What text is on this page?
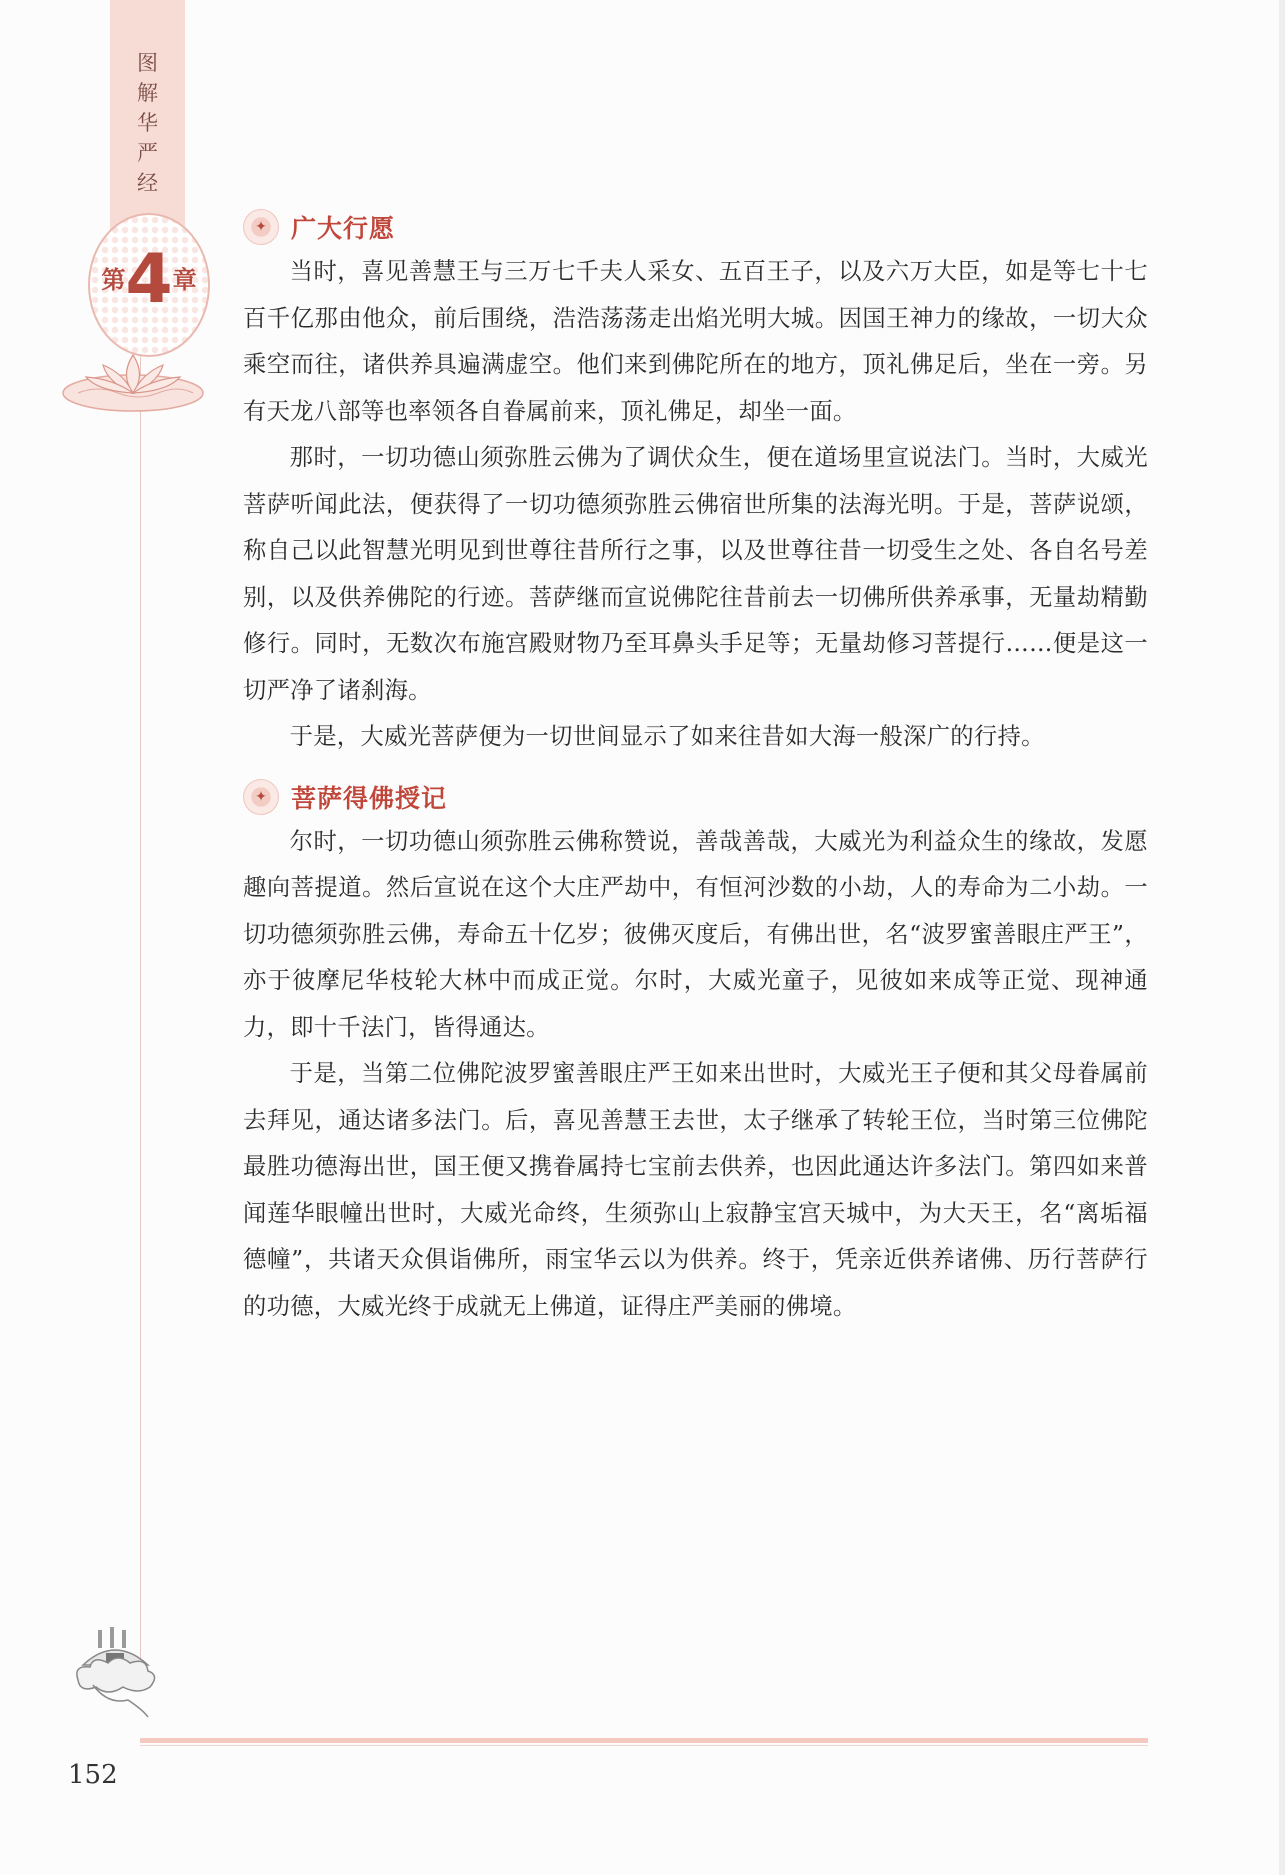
图
解
华
严
经
第4章
✦ 广大行愿

当时，喜见善慧王与三万七千夫人采女、五百王子，以及六万大臣，如是等七十七百千亿那由他众，前后围绕，浩浩荡荡走出焰光明大城。因国王神力的缘故，一切大众乘空而往，诸供养具遍满虚空。他们来到佛陀所在的地方，顶礼佛足后，坐在一旁。另有天龙八部等也率领各自眷属前来，顶礼佛足，却坐一面。

那时，一切功德山须弥胜云佛为了调伏众生，便在道场里宣说法门。当时，大威光菩萨听闻此法，便获得了一切功德须弥胜云佛宿世所集的法海光明。于是，菩萨说颂，称自己以此智慧光明见到世尊往昔所行之事，以及世尊往昔一切受生之处、各自名号差别，以及供养佛陀的行迹。菩萨继而宣说佛陀往昔前去一切佛所供养承事，无量劫精勤修行。同时，无数次布施宫殿财物乃至耳鼻头手足等；无量劫修习菩提行……便是这一切严净了诸刹海。

于是，大威光菩萨便为一切世间显示了如来往昔如大海一般深广的行持。

✦ 菩萨得佛授记

尔时，一切功德山须弥胜云佛称赞说，善哉善哉，大威光为利益众生的缘故，发愿趣向菩提道。然后宣说在这个大庄严劫中，有恒河沙数的小劫，人的寿命为二小劫。一切功德须弥胜云佛，寿命五十亿岁；彼佛灭度后，有佛出世，名“波罗蜜善眼庄严王”，亦于彼摩尼华枝轮大林中而成正觉。尔时，大威光童子，见彼如来成等正觉、现神通力，即十千法门，皆得通达。

于是，当第二位佛陀波罗蜜善眼庄严王如来出世时，大威光王子便和其父母眷属前去拜见，通达诸多法门。后，喜见善慧王去世，太子继承了转轮王位，当时第三位佛陀最胜功德海出世，国王便又携眷属持七宝前去供养，也因此通达许多法门。第四如来普闻莲华眼幢出世时，大威光命终，生须弥山上寂静宝宫天城中，为大天王，名“离垢福德幢”，共诸天众俱诣佛所，雨宝华云以为供养。终于，凭亲近供养诸佛、历行菩萨行的功德，大威光终于成就无上佛道，证得庄严美丽的佛境。

152
